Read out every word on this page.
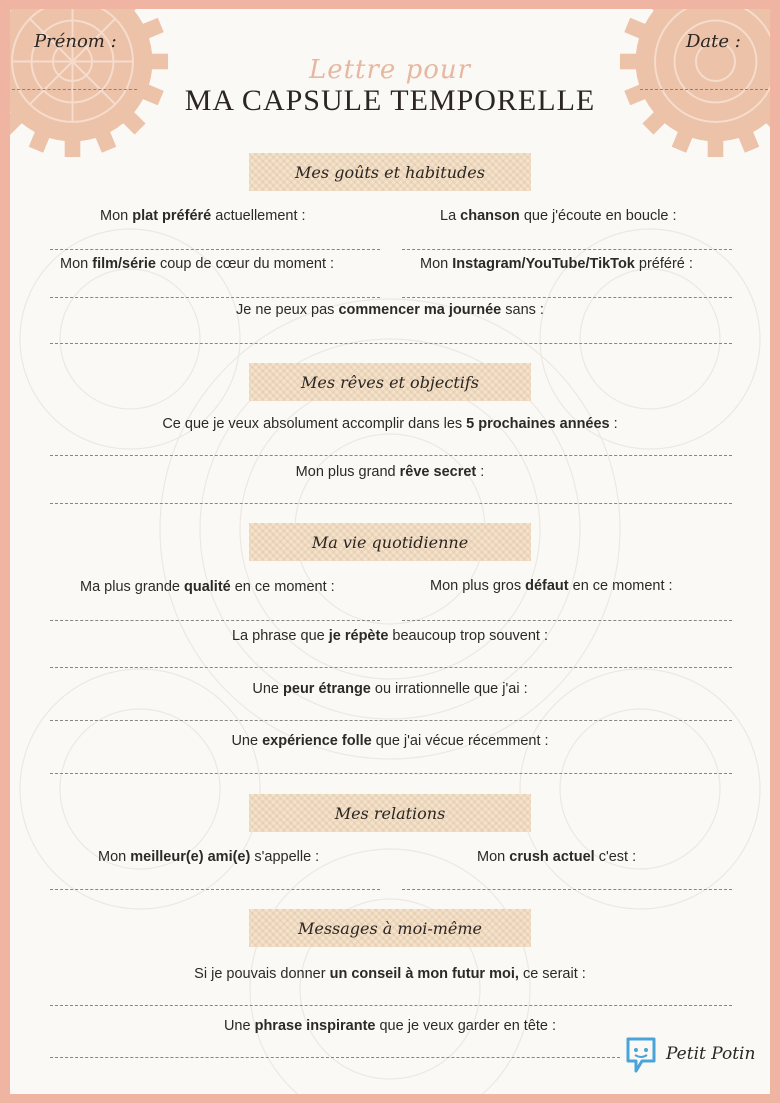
Prénom :	Date :
Lettre pour
MA CAPSULE TEMPORELLE
Mes goûts et habitudes
Mon plat préféré actuellement :	La chanson que j'écoute en boucle :
Mon film/série coup de cœur du moment :	Mon Instagram/YouTube/TikTok préféré :
Je ne peux pas commencer ma journée sans :
Mes rêves et objectifs
Ce que je veux absolument accomplir dans les 5 prochaines années :
Mon plus grand rêve secret :
Ma vie quotidienne
Ma plus grande qualité en ce moment :	Mon plus gros défaut en ce moment :
La phrase que je répète beaucoup trop souvent :
Une peur étrange ou irrationnelle que j'ai :
Une expérience folle que j'ai vécue récemment :
Mes relations
Mon meilleur(e) ami(e) s'appelle :	Mon crush actuel c'est :
Messages à moi-même
Si je pouvais donner un conseil à mon futur moi, ce serait :
Une phrase inspirante que je veux garder en tête :
Petit Potin
